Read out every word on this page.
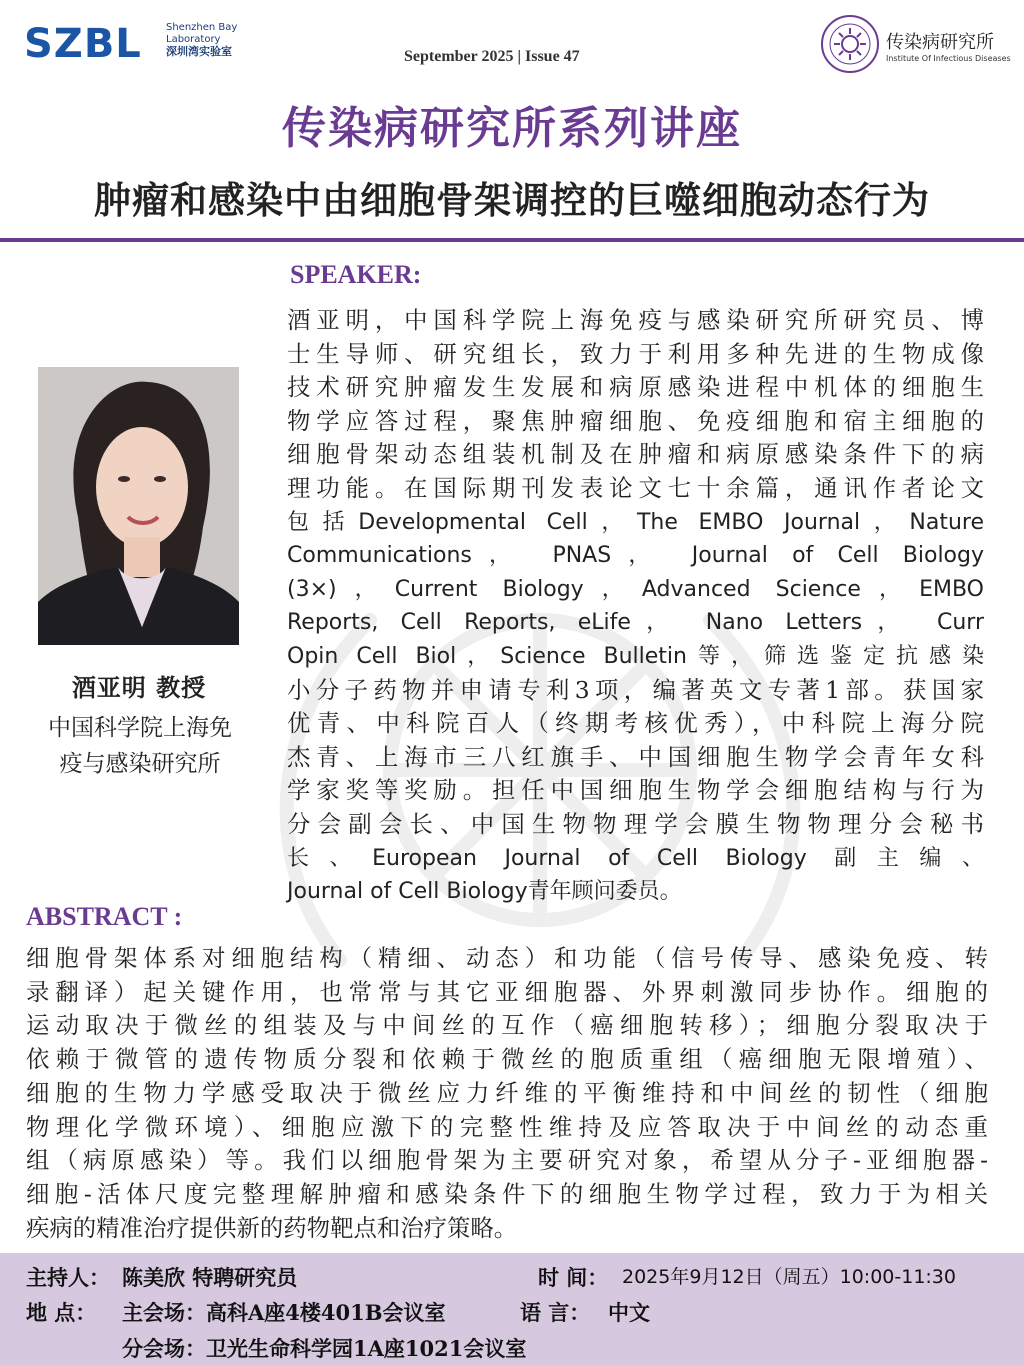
SZBL	Shenzhen Bay
Laboratory
深圳湾实验室	September 2025 | Issue 47
传染病研究所
Institute Of Infectious Diseases
传染病研究所系列讲座
肿瘤和感染中由细胞骨架调控的巨噬细胞动态行为
SPEAKER:
酒亚明 教授
中国科学院上海免
疫与感染研究所
酒亚明，中国科学院上海免疫与感染研究所研究员、博
士生导师、研究组长，致力于利用多种先进的生物成像
技术研究肿瘤发生发展和病原感染进程中机体的细胞生
物学应答过程，聚焦肿瘤细胞、免疫细胞和宿主细胞的
细胞骨架动态组装机制及在肿瘤和病原感染条件下的病
理功能。在国际期刊发表论文七十余篇，通讯作者论文
包括Developmental Cell，The EMBO Journal，Nature
Communications， PNAS， Journal of Cell Biology
(3×)，Current Biology，Advanced Science，EMBO
Reports, Cell Reports, eLife， Nano Letters， Curr
Opin Cell Biol，Science Bulletin等，筛选鉴定抗感染
小分子药物并申请专利3项，编著英文专著1部。获国家
优青、中科院百人（终期考核优秀），中科院上海分院
杰青、上海市三八红旗手、中国细胞生物学会青年女科
学家奖等奖励。担任中国细胞生物学会细胞结构与行为
分会副会长、中国生物物理学会膜生物物理分会秘书
长、European Journal of Cell Biology 副主编、
Journal of Cell Biology青年顾问委员。
ABSTRACT :
细胞骨架体系对细胞结构（精细、动态）和功能（信号传导、感染免疫、转
录翻译）起关键作用，也常常与其它亚细胞器、外界刺激同步协作。细胞的
运动取决于微丝的组装及与中间丝的互作（癌细胞转移）；细胞分裂取决于
依赖于微管的遗传物质分裂和依赖于微丝的胞质重组（癌细胞无限增殖）、
细胞的生物力学感受取决于微丝应力纤维的平衡维持和中间丝的韧性（细胞
物理化学微环境）、细胞应激下的完整性维持及应答取决于中间丝的动态重
组（病原感染）等。我们以细胞骨架为主要研究对象，希望从分子-亚细胞器-
细胞-活体尺度完整理解肿瘤和感染条件下的细胞生物学过程，致力于为相关
疾病的精准治疗提供新的药物靶点和治疗策略。
主持人： 陈美欣 特聘研究员	时 间： 2025年9月12日（周五）10:00-11:30
地 点： 主会场：高科A座4楼401B会议室	语 言： 中文
分会场：卫光生命科学园1A座1021会议室
